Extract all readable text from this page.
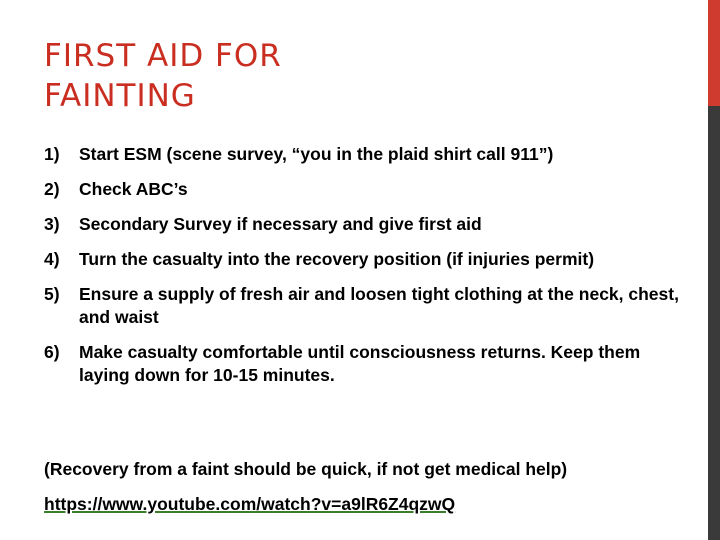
FIRST AID FOR
FAINTING
1) Start ESM (scene survey, “you in the plaid shirt call 911”)
2) Check ABC’s
3) Secondary Survey if necessary and give first aid
4) Turn the casualty into the recovery position (if injuries permit)
5) Ensure a supply of fresh air and loosen tight clothing at the neck, chest, and waist
6) Make casualty comfortable until consciousness returns. Keep them laying down for 10-15 minutes.

(Recovery from a faint should be quick, if not get medical help)

https://www.youtube.com/watch?v=a9lR6Z4qzwQ
